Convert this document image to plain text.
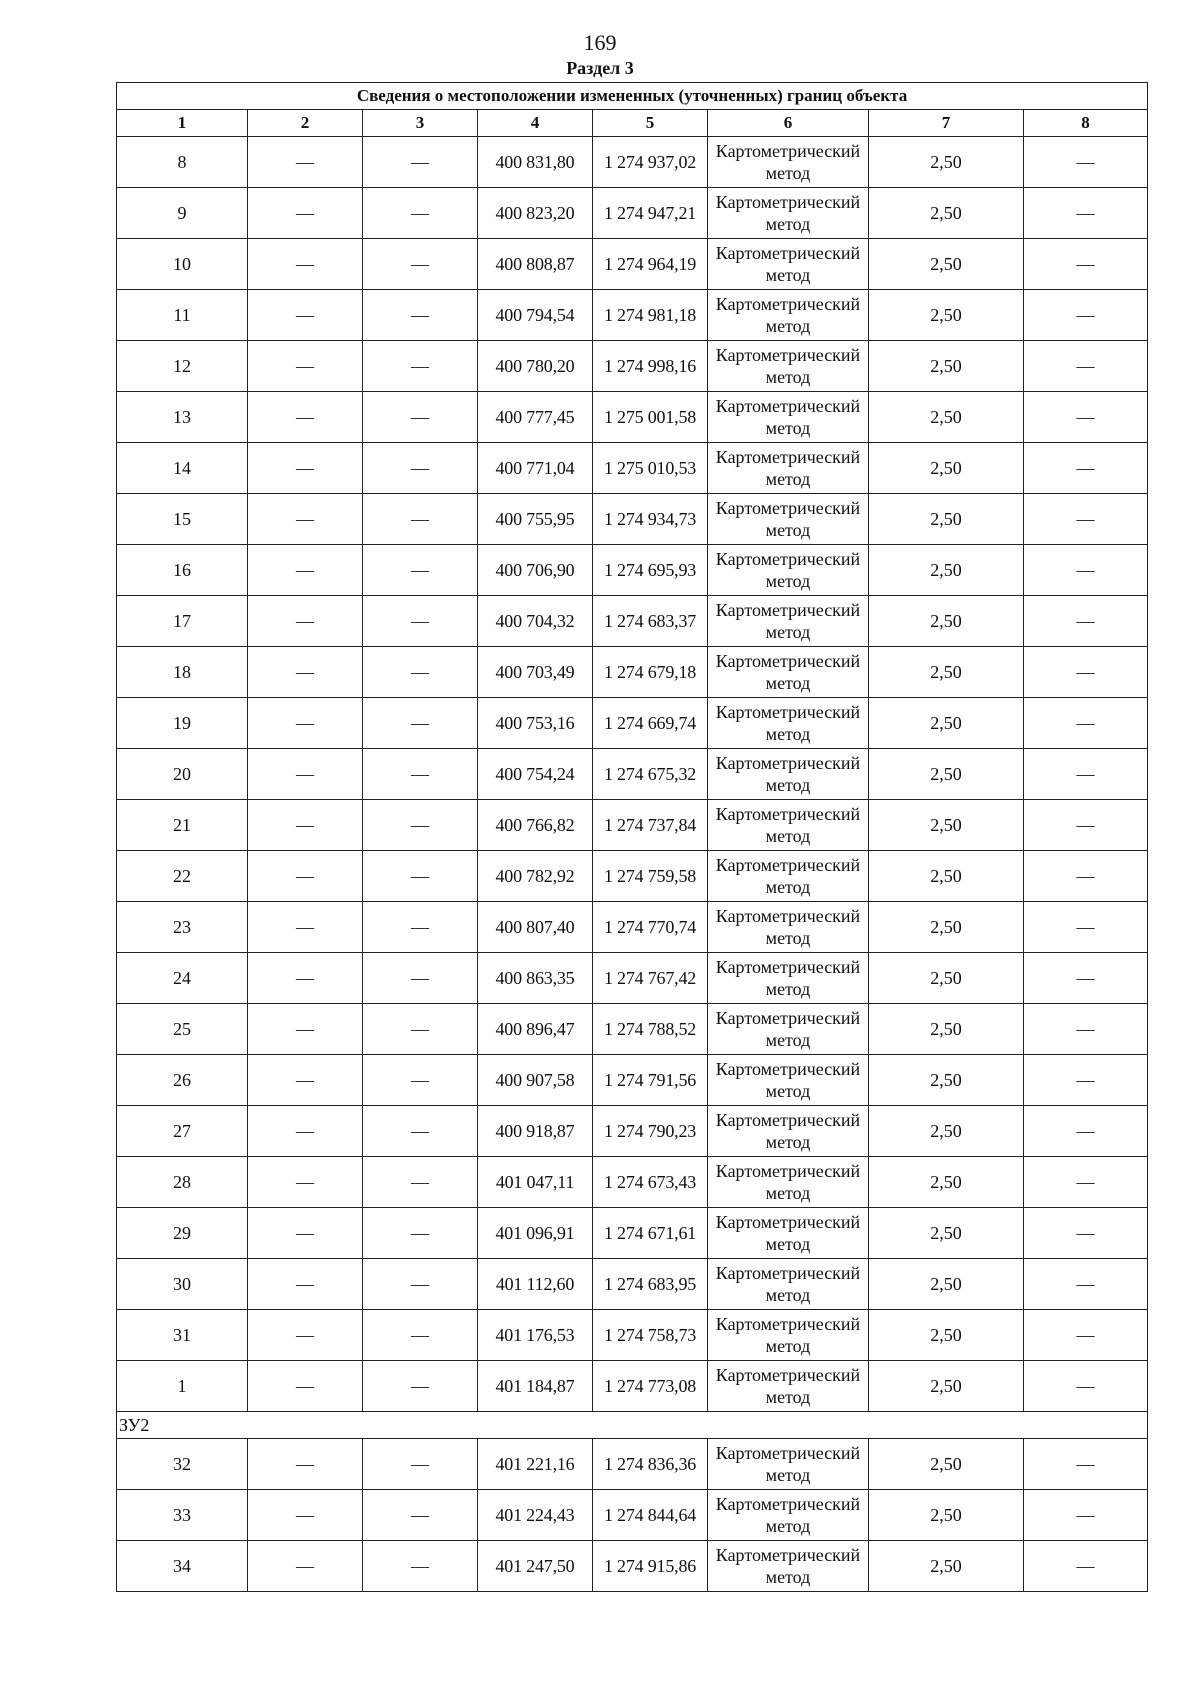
169
Раздел 3
Сведения о местоположении измененных (уточненных) границ объекта							
1	2	3	4	5	6	7	8
8	—	—	400 831,80	1 274 937,02	Картометрический метод	2,50	—
9	—	—	400 823,20	1 274 947,21	Картометрический метод	2,50	—
10	—	—	400 808,87	1 274 964,19	Картометрический метод	2,50	—
11	—	—	400 794,54	1 274 981,18	Картометрический метод	2,50	—
12	—	—	400 780,20	1 274 998,16	Картометрический метод	2,50	—
13	—	—	400 777,45	1 275 001,58	Картометрический метод	2,50	—
14	—	—	400 771,04	1 275 010,53	Картометрический метод	2,50	—
15	—	—	400 755,95	1 274 934,73	Картометрический метод	2,50	—
16	—	—	400 706,90	1 274 695,93	Картометрический метод	2,50	—
17	—	—	400 704,32	1 274 683,37	Картометрический метод	2,50	—
18	—	—	400 703,49	1 274 679,18	Картометрический метод	2,50	—
19	—	—	400 753,16	1 274 669,74	Картометрический метод	2,50	—
20	—	—	400 754,24	1 274 675,32	Картометрический метод	2,50	—
21	—	—	400 766,82	1 274 737,84	Картометрический метод	2,50	—
22	—	—	400 782,92	1 274 759,58	Картометрический метод	2,50	—
23	—	—	400 807,40	1 274 770,74	Картометрический метод	2,50	—
24	—	—	400 863,35	1 274 767,42	Картометрический метод	2,50	—
25	—	—	400 896,47	1 274 788,52	Картометрический метод	2,50	—
26	—	—	400 907,58	1 274 791,56	Картометрический метод	2,50	—
27	—	—	400 918,87	1 274 790,23	Картометрический метод	2,50	—
28	—	—	401 047,11	1 274 673,43	Картометрический метод	2,50	—
29	—	—	401 096,91	1 274 671,61	Картометрический метод	2,50	—
30	—	—	401 112,60	1 274 683,95	Картометрический метод	2,50	—
31	—	—	401 176,53	1 274 758,73	Картометрический метод	2,50	—
1	—	—	401 184,87	1 274 773,08	Картометрический метод	2,50	—
ЗУ2							
32	—	—	401 221,16	1 274 836,36	Картометрический метод	2,50	—
33	—	—	401 224,43	1 274 844,64	Картометрический метод	2,50	—
34	—	—	401 247,50	1 274 915,86	Картометрический метод	2,50	—
